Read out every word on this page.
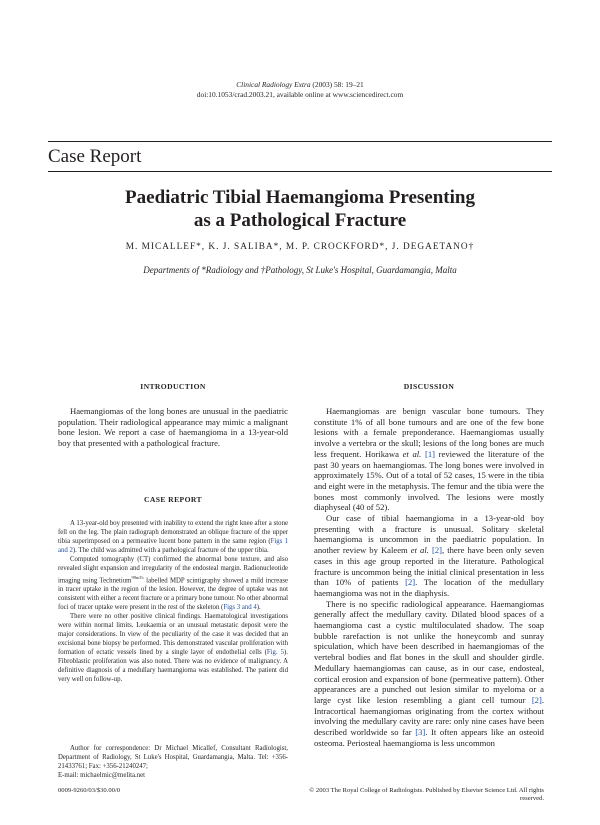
Clinical Radiology Extra (2003) 58: 19–21
doi:10.1053/crad.2003.21, available online at www.sciencedirect.com
Case Report
Paediatric Tibial Haemangioma Presenting
as a Pathological Fracture
M. MICALLEF*, K. J. SALIBA*, M. P. CROCKFORD*, J. DEGAETANO†
Departments of *Radiology and †Pathology, St Luke's Hospital, Guardamangia, Malta
INTRODUCTION

Haemangiomas of the long bones are unusual in the paediatric population. Their radiological appearance may mimic a malignant bone lesion. We report a case of haemangioma in a 13-year-old boy that presented with a pathological fracture.

CASE REPORT

A 13-year-old boy presented with inability to extend the right knee after a stone fell on the leg. The plain radiograph demonstrated an oblique fracture of the upper tibia superimposed on a permeative lucent bone pattern in the same region (Figs 1 and 2). The child was admitted with a pathological fracture of the upper tibia.

Computed tomography (CT) confirmed the abnormal bone texture, and also revealed slight expansion and irregularity of the endosteal margin. Radionucleotide imaging using Technetium$^{99mTc}$ labelled MDP scintigraphy showed a mild increase in tracer uptake in the region of the lesion. However, the degree of uptake was not consistent with either a recent fracture or a primary bone tumour. No other abnormal foci of tracer uptake were present in the rest of the skeleton (Figs 3 and 4).

There were no other positive clinical findings. Haematological investigations were within normal limits. Leukaemia or an unusual metastatic deposit were the major considerations. In view of the peculiarity of the case it was decided that an excisional bone biopsy be performed. This demonstrated vascular proliferation with formation of ectatic vessels lined by a single layer of endothelial cells (Fig. 5). Fibroblastic proliferation was also noted. There was no evidence of malignancy. A definitive diagnosis of a medullary haemangioma was established. The patient did very well on follow-up.

Author for correspondence: Dr Michael Micallef, Consultant Radiologist, Department of Radiology, St Luke's Hospital, Guardamangia, Malta. Tel: +356-21433761; Fax: +356-21240247;

E-mail: michaelmic@melita.net
DISCUSSION

Haemangiomas are benign vascular bone tumours. They constitute 1% of all bone tumours and are one of the few bone lesions with a female preponderance. Haemangiomas usually involve a vertebra or the skull; lesions of the long bones are much less frequent. Horikawa et al. [1] reviewed the literature of the past 30 years on haemangiomas. The long bones were involved in approximately 15%. Out of a total of 52 cases, 15 were in the tibia and eight were in the metaphysis. The femur and the tibia were the bones most commonly involved. The lesions were mostly diaphyseal (40 of 52).

Our case of tibial haemangioma in a 13-year-old boy presenting with a fracture is unusual. Solitary skeletal haemangioma is uncommon in the paediatric population. In another review by Kaleem et al. [2], there have been only seven cases in this age group reported in the literature. Pathological fracture is uncommon being the initial clinical presentation in less than 10% of patients [2]. The location of the medullary haemangioma was not in the diaphysis.

There is no specific radiological appearance. Haemangiomas generally affect the medullary cavity. Dilated blood spaces of a haemangioma cast a cystic multiloculated shadow. The soap bubble rarefaction is not unlike the honeycomb and sunray spiculation, which have been described in haemangiomas of the vertebral bodies and flat bones in the skull and shoulder girdle. Medullary haemangiomas can cause, as in our case, endosteal, cortical erosion and expansion of bone (permeative pattern). Other appearances are a punched out lesion similar to myeloma or a large cyst like lesion resembling a giant cell tumour [2]. Intracortical haemangiomas originating from the cortex without involving the medullary cavity are rare: only nine cases have been described worldwide so far [3]. It often appears like an osteoid osteoma. Periosteal haemangioma is less uncommon

0009-9260/03/$30.00/0	© 2003 The Royal College of Radiologists. Published by Elsevier Science Ltd. All rights reserved.
